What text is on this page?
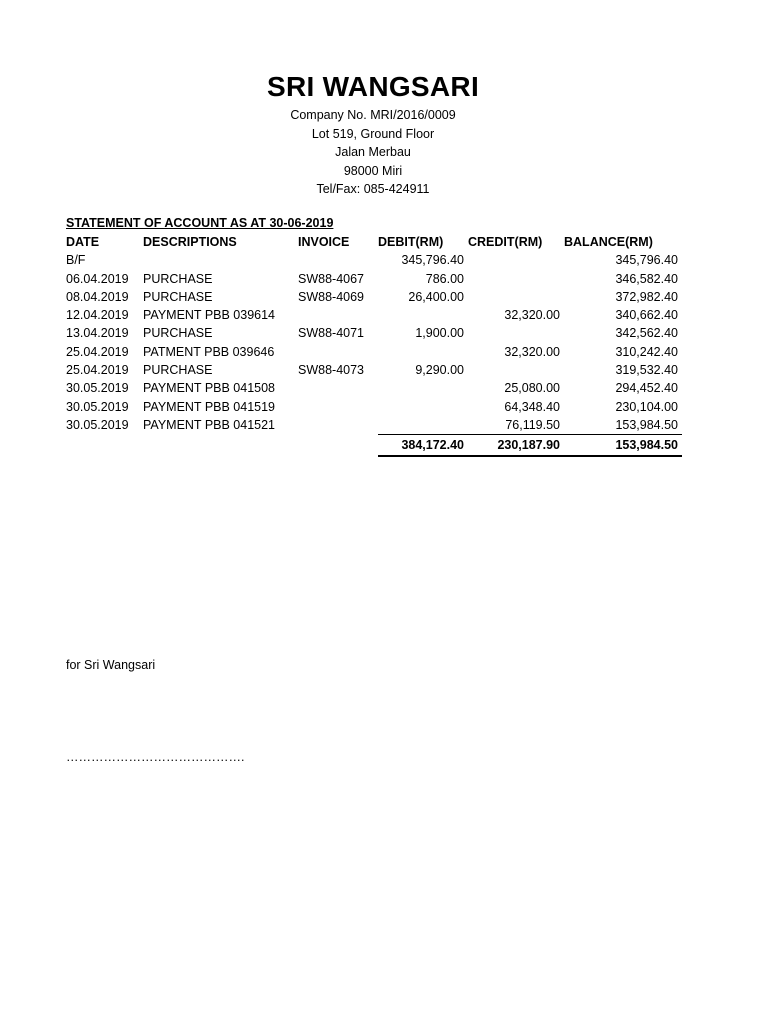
SRI WANGSARI
Company No. MRI/2016/0009
Lot 519, Ground Floor
Jalan Merbau
98000 Miri
Tel/Fax: 085-424911
STATEMENT OF ACCOUNT AS AT 30-06-2019
DATE	DESCRIPTIONS	INVOICE	DEBIT(RM)	CREDIT(RM)	BALANCE(RM)
B/F			345,796.40		345,796.40
06.04.2019	PURCHASE	SW88-4067	786.00		346,582.40
08.04.2019	PURCHASE	SW88-4069	26,400.00		372,982.40
12.04.2019	PAYMENT PBB 039614			32,320.00	340,662.40
13.04.2019	PURCHASE	SW88-4071	1,900.00		342,562.40
25.04.2019	PATMENT PBB 039646			32,320.00	310,242.40
25.04.2019	PURCHASE	SW88-4073	9,290.00		319,532.40
30.05.2019	PAYMENT PBB 041508			25,080.00	294,452.40
30.05.2019	PAYMENT PBB 041519			64,348.40	230,104.00
30.05.2019	PAYMENT PBB 041521			76,119.50	153,984.50
			384,172.40	230,187.90	153,984.50
for Sri Wangsari
…………………………………….
